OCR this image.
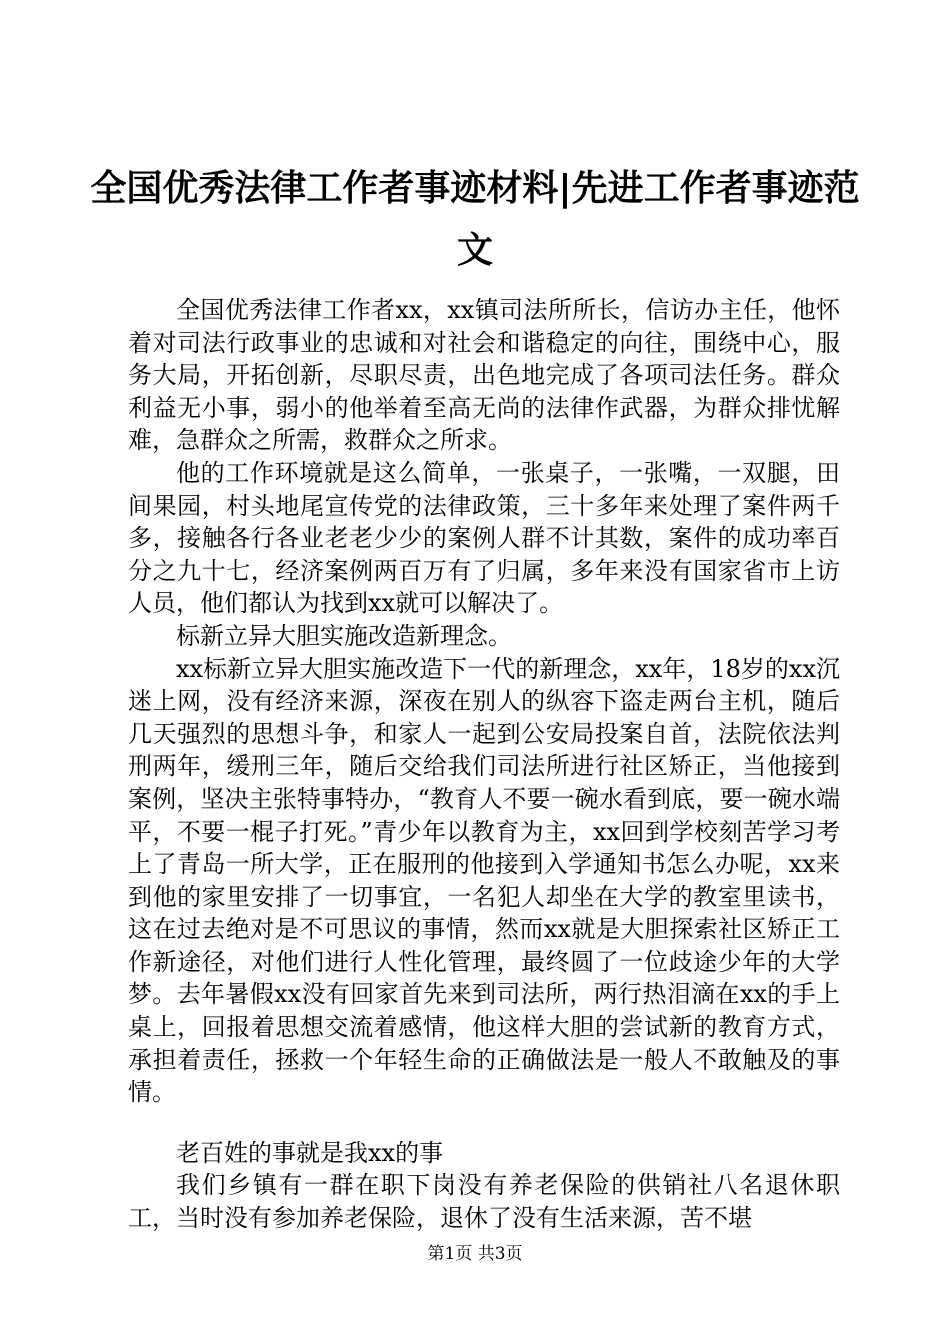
全国优秀法律工作者事迹材料|先进工作者事迹范文

全国优秀法律工作者xx，xx镇司法所所长，信访办主任，他怀着对司法行政事业的忠诚和对社会和谐稳定的向往，围绕中心，服务大局，开拓创新，尽职尽责，出色地完成了各项司法任务。群众利益无小事，弱小的他举着至高无尚的法律作武器，为群众排忧解难，急群众之所需，救群众之所求。

他的工作环境就是这么简单，一张桌子，一张嘴，一双腿，田间果园，村头地尾宣传党的法律政策，三十多年来处理了案件两千多，接触各行各业老老少少的案例人群不计其数，案件的成功率百分之九十七，经济案例两百万有了归属，多年来没有国家省市上访人员，他们都认为找到xx就可以解决了。

标新立异大胆实施改造新理念。

xx标新立异大胆实施改造下一代的新理念，xx年，18岁的xx沉迷上网，没有经济来源，深夜在别人的纵容下盗走两台主机，随后几天强烈的思想斗争，和家人一起到公安局投案自首，法院依法判刑两年，缓刑三年，随后交给我们司法所进行社区矫正，当他接到案例，坚决主张特事特办，“教育人不要一碗水看到底，要一碗水端平，不要一棍子打死。”青少年以教育为主，xx回到学校刻苦学习考上了青岛一所大学，正在服刑的他接到入学通知书怎么办呢，xx来到他的家里安排了一切事宜，一名犯人却坐在大学的教室里读书，这在过去绝对是不可思议的事情，然而xx就是大胆探索社区矫正工作新途径，对他们进行人性化管理，最终圆了一位歧途少年的大学梦。去年暑假xx没有回家首先来到司法所，两行热泪滴在xx的手上桌上，回报着思想交流着感情，他这样大胆的尝试新的教育方式，承担着责任，拯救一个年轻生命的正确做法是一般人不敢触及的事情。

老百姓的事就是我xx的事

我们乡镇有一群在职下岗没有养老保险的供销社八名退休职工，当时没有参加养老保险，退休了没有生活来源，苦不堪

第1页 共3页
